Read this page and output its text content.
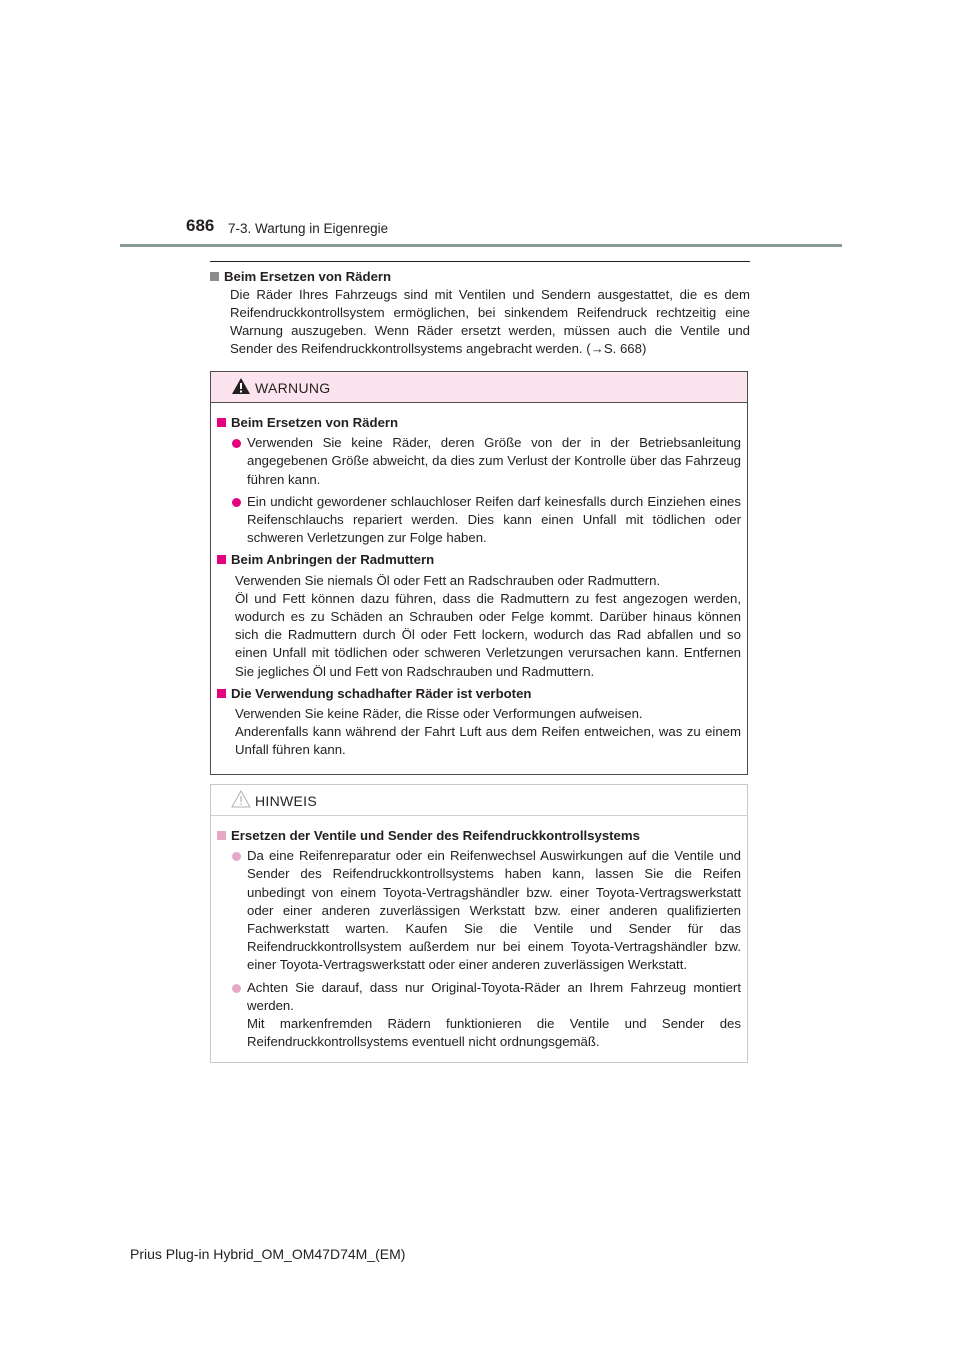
686 7-3. Wartung in Eigenregie
Beim Ersetzen von Rädern
Die Räder Ihres Fahrzeugs sind mit Ventilen und Sendern ausgestattet, die es dem Reifendruckkontrollsystem ermöglichen, bei sinkendem Reifendruck rechtzeitig eine Warnung auszugeben. Wenn Räder ersetzt werden, müssen auch die Ventile und Sender des Reifendruckkontrollsystems angebracht werden. (→S. 668)
WARNUNG
Beim Ersetzen von Rädern
Verwenden Sie keine Räder, deren Größe von der in der Betriebsanleitung angegebenen Größe abweicht, da dies zum Verlust der Kontrolle über das Fahrzeug führen kann.
Ein undicht gewordener schlauchloser Reifen darf keinesfalls durch Einziehen eines Reifenschlauchs repariert werden. Dies kann einen Unfall mit tödlichen oder schweren Verletzungen zur Folge haben.
Beim Anbringen der Radmuttern
Verwenden Sie niemals Öl oder Fett an Radschrauben oder Radmuttern.
Öl und Fett können dazu führen, dass die Radmuttern zu fest angezogen werden, wodurch es zu Schäden an Schrauben oder Felge kommt. Darüber hinaus können sich die Radmuttern durch Öl oder Fett lockern, wodurch das Rad abfallen und so einen Unfall mit tödlichen oder schweren Verletzungen verursachen kann. Entfernen Sie jegliches Öl und Fett von Radschrauben und Radmuttern.
Die Verwendung schadhafter Räder ist verboten
Verwenden Sie keine Räder, die Risse oder Verformungen aufweisen.
Anderenfalls kann während der Fahrt Luft aus dem Reifen entweichen, was zu einem Unfall führen kann.
HINWEIS
Ersetzen der Ventile und Sender des Reifendruckkontrollsystems
Da eine Reifenreparatur oder ein Reifenwechsel Auswirkungen auf die Ventile und Sender des Reifendruckkontrollsystems haben kann, lassen Sie die Reifen unbedingt von einem Toyota-Vertragshändler bzw. einer Toyota-Vertragswerkstatt oder einer anderen zuverlässigen Werkstatt bzw. einer anderen qualifizierten Fachwerkstatt warten. Kaufen Sie die Ventile und Sender für das Reifendruckkontrollsystem außerdem nur bei einem Toyota-Vertragshändler bzw. einer Toyota-Vertragswerkstatt oder einer anderen zuverlässigen Werkstatt.
Achten Sie darauf, dass nur Original-Toyota-Räder an Ihrem Fahrzeug montiert werden.
Mit markenfremden Rädern funktionieren die Ventile und Sender des Reifendruckkontrollsystems eventuell nicht ordnungsgemäß.
Prius Plug-in Hybrid_OM_OM47D74M_(EM)
